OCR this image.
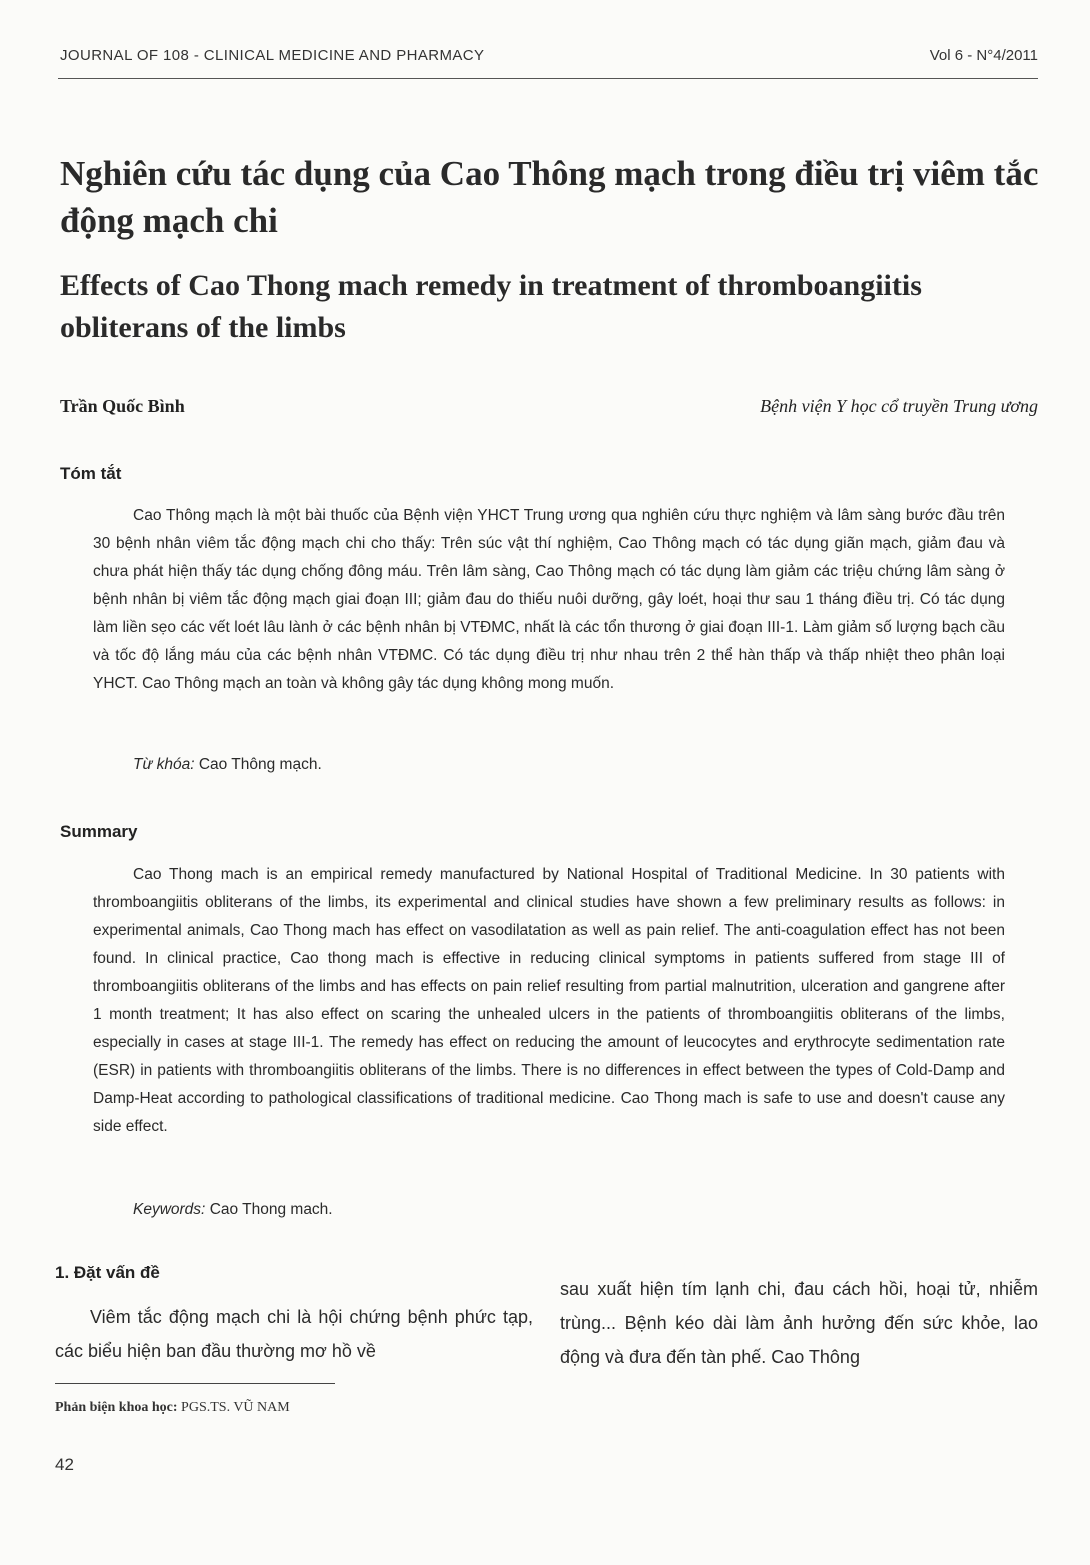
JOURNAL OF 108 - CLINICAL MEDICINE AND PHARMACY	Vol 6 - N°4/2011
Nghiên cứu tác dụng của Cao Thông mạch trong điều trị viêm tắc động mạch chi
Effects of Cao Thong mach remedy in treatment of thromboangiitis obliterans of the limbs
Trần Quốc Bình	Bệnh viện Y học cổ truyền Trung ương
Tóm tắt

Cao Thông mạch là một bài thuốc của Bệnh viện YHCT Trung ương qua nghiên cứu thực nghiệm và lâm sàng bước đầu trên 30 bệnh nhân viêm tắc động mạch chi cho thấy: Trên súc vật thí nghiệm, Cao Thông mạch có tác dụng giãn mạch, giảm đau và chưa phát hiện thấy tác dụng chống đông máu. Trên lâm sàng, Cao Thông mạch có tác dụng làm giảm các triệu chứng lâm sàng ở bệnh nhân bị viêm tắc động mạch giai đoạn III; giảm đau do thiếu nuôi dưỡng, gây loét, hoại thư sau 1 tháng điều trị. Có tác dụng làm liền sẹo các vết loét lâu lành ở các bệnh nhân bị VTĐMC, nhất là các tổn thương ở giai đoạn III-1. Làm giảm số lượng bạch cầu và tốc độ lắng máu của các bệnh nhân VTĐMC. Có tác dụng điều trị như nhau trên 2 thể hàn thấp và thấp nhiệt theo phân loại YHCT. Cao Thông mạch an toàn và không gây tác dụng không mong muốn.

Từ khóa: Cao Thông mạch.
Summary

Cao Thong mach is an empirical remedy manufactured by National Hospital of Traditional Medicine. In 30 patients with thromboangiitis obliterans of the limbs, its experimental and clinical studies have shown a few preliminary results as follows: in experimental animals, Cao Thong mach has effect on vasodilatation as well as pain relief. The anti-coagulation effect has not been found. In clinical practice, Cao thong mach is effective in reducing clinical symptoms in patients suffered from stage III of thromboangiitis obliterans of the limbs and has effects on pain relief resulting from partial malnutrition, ulceration and gangrene after 1 month treatment; It has also effect on scaring the unhealed ulcers in the patients of thromboangiitis obliterans of the limbs, especially in cases at stage III-1. The remedy has effect on reducing the amount of leucocytes and erythrocyte sedimentation rate (ESR) in patients with thromboangiitis obliterans of the limbs. There is no differences in effect between the types of Cold-Damp and Damp-Heat according to pathological classifications of traditional medicine. Cao Thong mach is safe to use and doesn't cause any side effect.

Keywords: Cao Thong mach.
1. Đặt vấn đề

Viêm tắc động mạch chi là hội chứng bệnh phức tạp, các biểu hiện ban đầu thường mơ hồ về

sau xuất hiện tím lạnh chi, đau cách hồi, hoại tử, nhiễm trùng... Bệnh kéo dài làm ảnh hưởng đến sức khỏe, lao động và đưa đến tàn phế. Cao Thông

Phản biện khoa học: PGS.TS. VŨ NAM
42
